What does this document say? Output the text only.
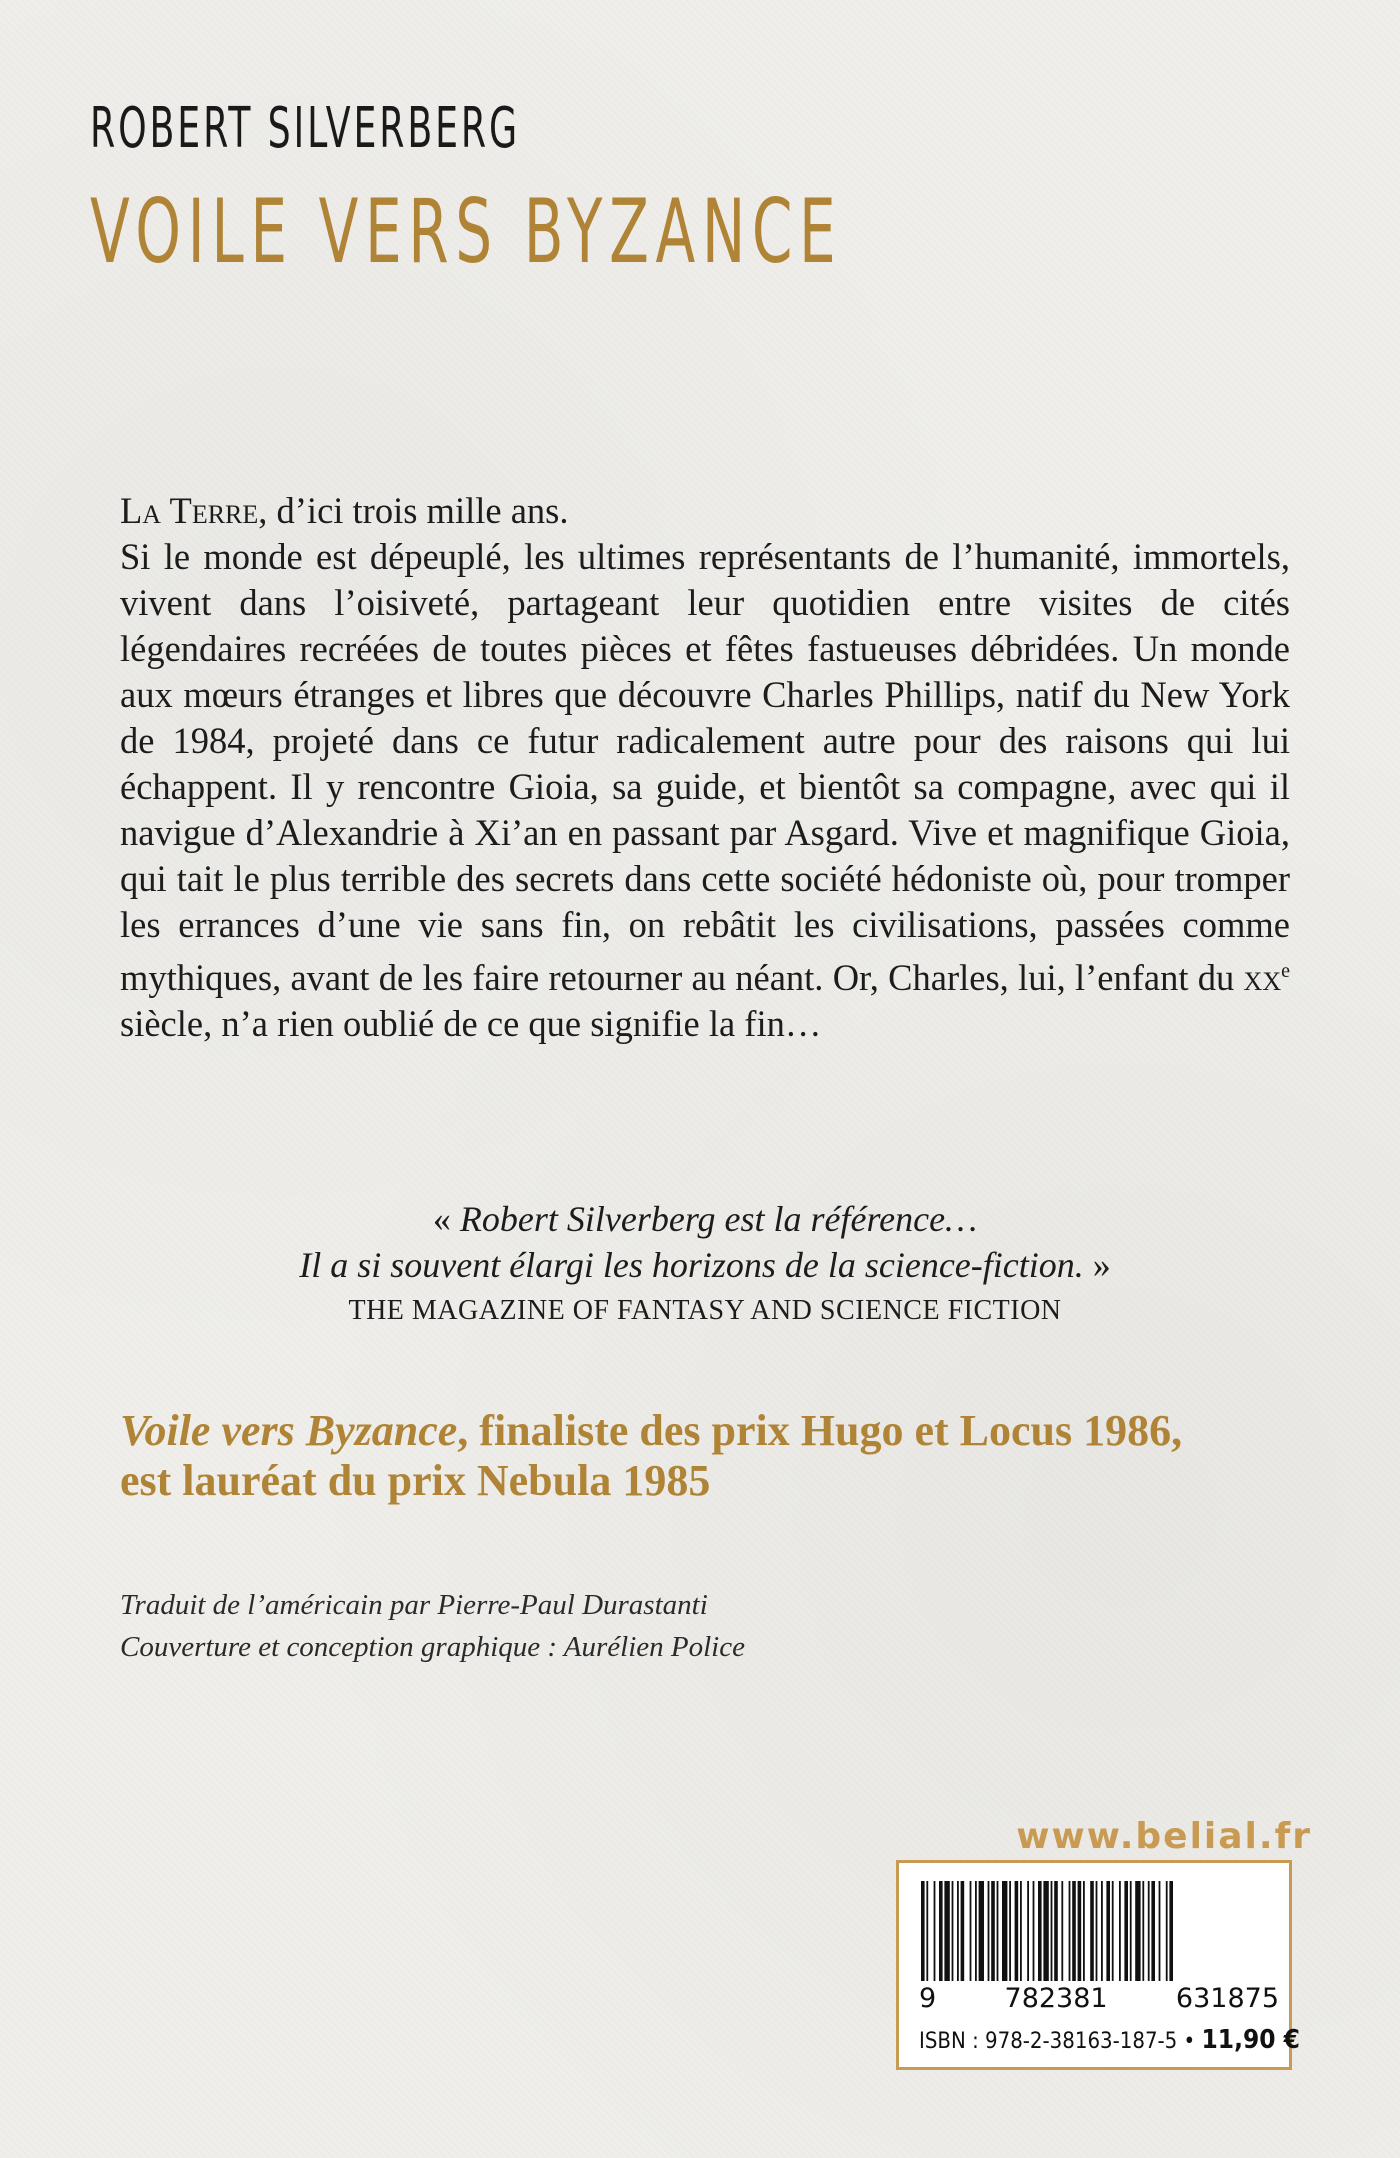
ROBERT SILVERBERG
VOILE VERS BYZANCE

La Terre, d’ici trois mille ans.

Si le monde est dépeuplé, les ultimes représentants de l’humanité, immortels, vivent dans l’oisiveté, partageant leur quotidien entre visites de cités légendaires recréées de toutes pièces et fêtes fastueuses débridées. Un monde aux mœurs étranges et libres que découvre Charles Phillips, natif du New York de 1984, projeté dans ce futur radicalement autre pour des raisons qui lui échappent. Il y rencontre Gioia, sa guide, et bientôt sa compagne, avec qui il navigue d’Alexandrie à Xi’an en passant par Asgard. Vive et magnifique Gioia, qui tait le plus terrible des secrets dans cette société hédoniste où, pour tromper les errances d’une vie sans fin, on rebâtit les civilisations, passées comme mythiques, avant de les faire retourner au néant. Or, Charles, lui, l’enfant du $xx^e$ siècle, n’a rien oublié de ce que signifie la fin…

« Robert Silverberg est la référence…
Il a si souvent élargi les horizons de la science-fiction. »
THE MAGAZINE OF FANTASY AND SCIENCE FICTION
Voile vers Byzance, finaliste des prix Hugo et Locus 1986,
est lauréat du prix Nebula 1985
Traduit de l’américain par Pierre-Paul Durastanti
Couverture et conception graphique : Aurélien Police
www.belial.fr
9	782381	631875
ISBN : 978-2-38163-187-5 • 11,90 €
